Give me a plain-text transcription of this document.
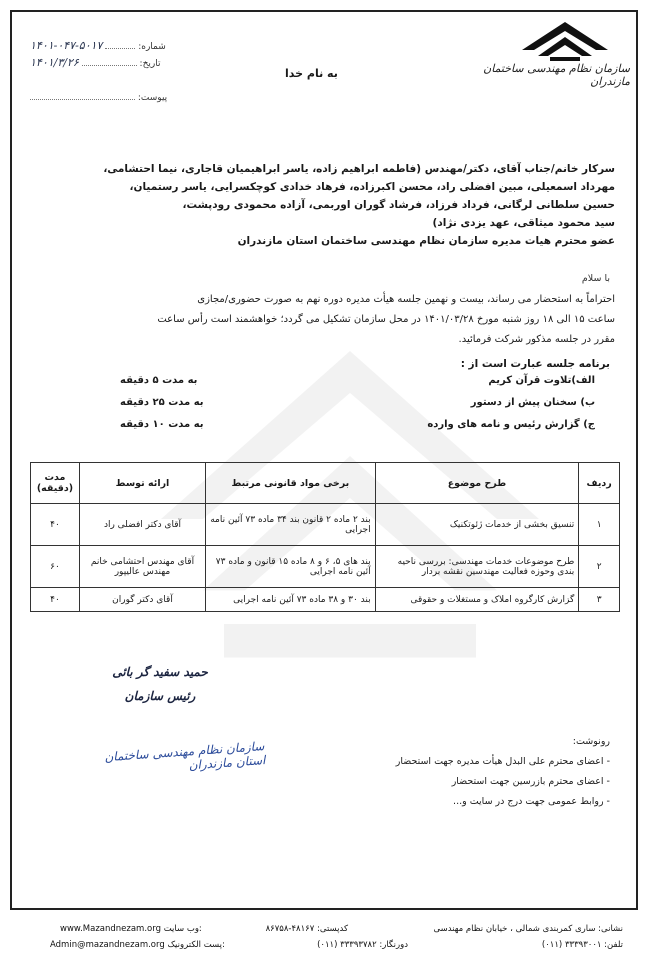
۱۴۰۱-۰۴۷-۵۰۱۷	:شماره
۱۴۰۱/۳/۲۶	:تاریخ
:پیوست
به نام خدا	سازمان نظام مهندسی ساختمان مازندران
سرکار خانم/جناب آقای، دکتر/مهندس (فاطمه ابراهیم زاده، یاسر ابراهیمیان قاجاری، نیما احتشامی،
مهرداد اسمعیلی، مبین افضلی راد، محسن اکبرزاده، فرهاد خدادی کوچکسرایی، یاسر رستمیان،
حسین سلطانی لرگانی، فرداد فرزاد، فرشاد گوران اوربمی، آزاده محمودی رودپشت،
سید محمود میثاقی، عهد یزدی نژاد)
عضو محترم هیات مدیره سازمان نظام مهندسی ساختمان استان مازندران
با سلام
احتراماً به استحضار می رساند، بیست و نهمین جلسه هیأت مدیره دوره نهم به صورت حضوری/مجازی
ساعت ۱۵ الی ۱۸ روز شنبه مورخ ۱۴۰۱/۰۳/۲۸ در محل سازمان تشکیل می گردد؛ خواهشمند است رأس ساعت
مقرر در جلسه مذکور شرکت فرمائید.
برنامه جلسه عبارت است از :
الف)تلاوت قرآن کریم
به مدت ۵ دقیقه
ب) سخنان پیش از دستور
به مدت ۲۵ دقیقه
ج) گزارش رئیس و نامه های وارده
به مدت ۱۰ دقیقه
ردیف	طرح موضوع	برخی مواد قانونی مرتبط	ارائه توسط	مدت (دقیقه)
۱	تنسیق بخشی از خدمات ژئوتکنیک	بند ۲ ماده ۲ قانون بند ۳۴ ماده ۷۳ آئین نامه اجرایی	آقای دکتر افضلی راد	۴۰
۲	طرح موضوعات خدمات مهندسی: بررسی ناحیه بندی وحوزه فعالیت مهندسین نقشه بردار	بند های ۵، ۶ و ۸ ماده ۱۵ قانون و ماده ۷۳ آئین نامه اجرایی	آقای مهندس احتشامی خانم مهندس عالیپور	۶۰
۳	گزارش کارگروه املاک و مستغلات و حقوقی	بند ۳۰ و ۳۸ ماده ۷۳ آئین نامه اجرایی	آقای دکتر گوران	۴۰
حمید سفید گر بائی
رئیس سازمان
سازمان نظام مهندسی ساختمان استان مازندران
رونوشت:
- اعضای محترم علی البدل هیأت مدیره جهت استحضار
- اعضای محترم بازرسین جهت استحضار
- روابط عمومی جهت درج در سایت و...
نشانی: ساری کمربندی شمالی ، خیابان نظام مهندسی
کدپستی: ۴۸۱۶۷-۸۶۷۵۸
www.Mazandnezam.org وب سایت:
تلفن: ۳۳۳۹۳۰۰۱ (۰۱۱)
دورنگار: ۳۳۳۹۳۷۸۲ (۰۱۱)
Admin@mazandnezam.org پست الکترونیک:
